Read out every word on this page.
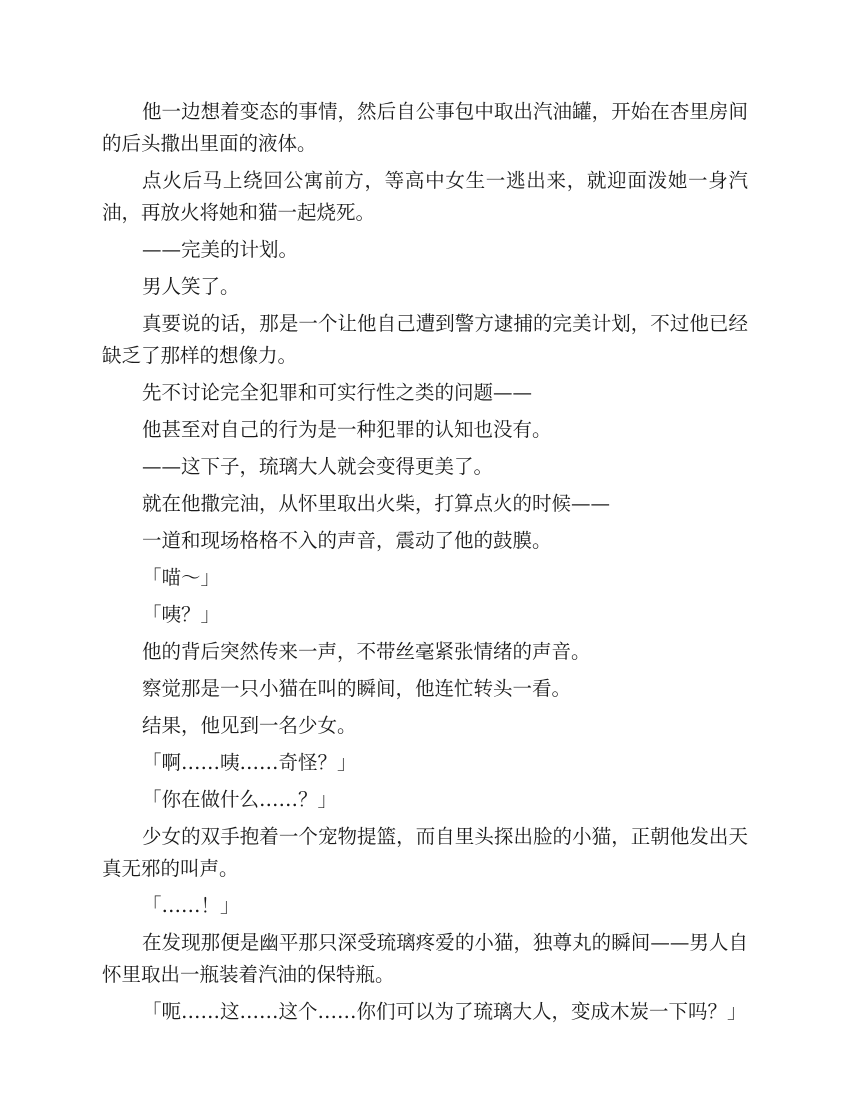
他一边想着变态的事情，然后自公事包中取出汽油罐，开始在杏里房间的后头撒出里面的液体。

点火后马上绕回公寓前方，等高中女生一逃出来，就迎面泼她一身汽油，再放火将她和猫一起烧死。

——完美的计划。

男人笑了。

真要说的话，那是一个让他自己遭到警方逮捕的完美计划，不过他已经缺乏了那样的想像力。

先不讨论完全犯罪和可实行性之类的问题——

他甚至对自己的行为是一种犯罪的认知也没有。

——这下子，琉璃大人就会变得更美了。

就在他撒完油，从怀里取出火柴，打算点火的时候——

一道和现场格格不入的声音，震动了他的鼓膜。

「喵～」

「咦？」

他的背后突然传来一声，不带丝毫紧张情绪的声音。

察觉那是一只小猫在叫的瞬间，他连忙转头一看。

结果，他见到一名少女。

「啊……咦……奇怪？」

「你在做什么……？」

少女的双手抱着一个宠物提篮，而自里头探出脸的小猫，正朝他发出天真无邪的叫声。

「……！」

在发现那便是幽平那只深受琉璃疼爱的小猫，独尊丸的瞬间——男人自怀里取出一瓶装着汽油的保特瓶。

「呃……这……这个……你们可以为了琉璃大人，变成木炭一下吗？」
